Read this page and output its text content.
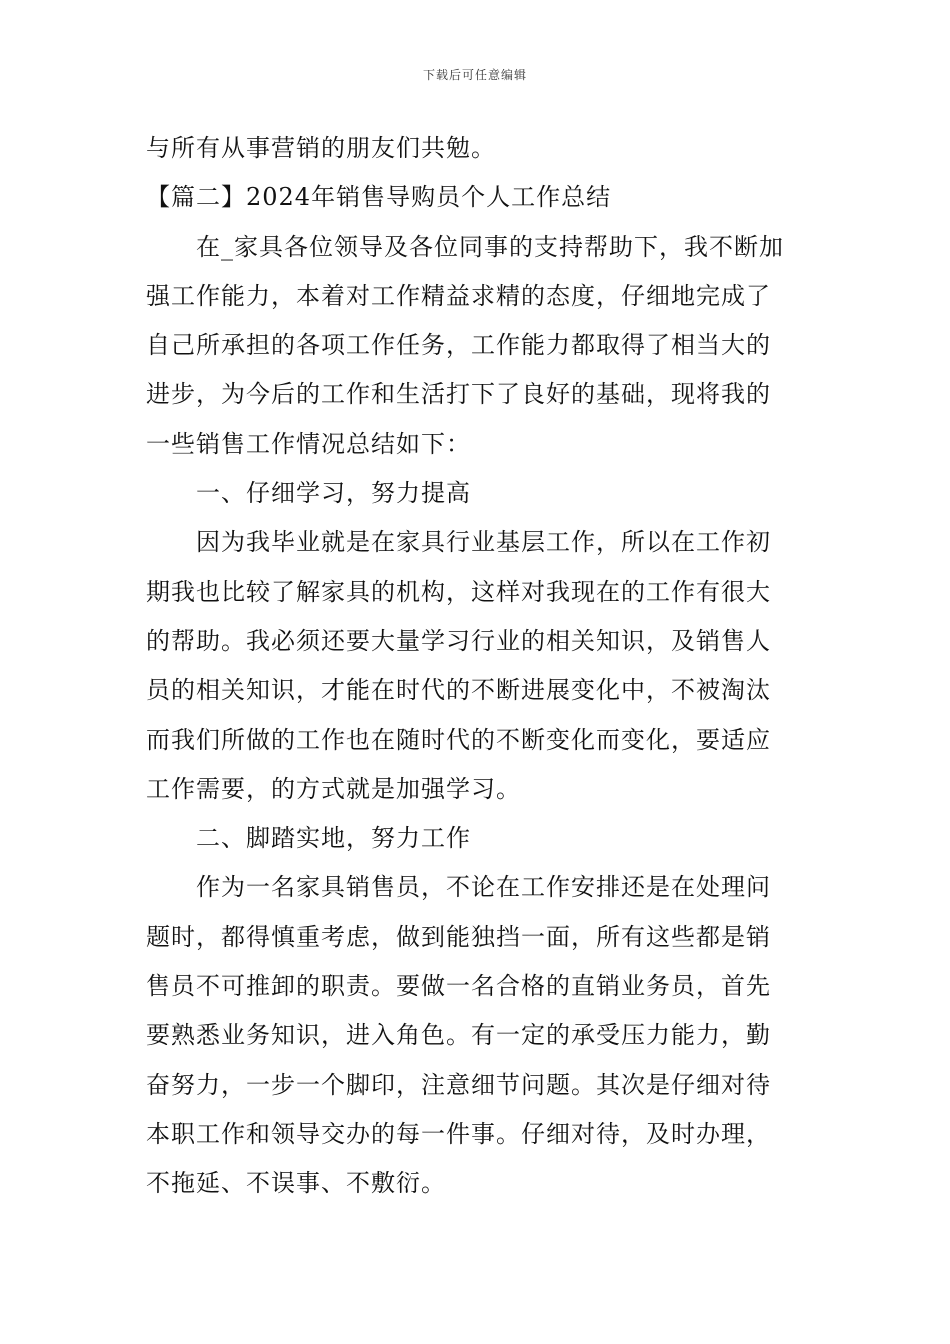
下载后可任意编辑
与所有从事营销的朋友们共勉。
【篇二】2024年销售导购员个人工作总结
在_家具各位领导及各位同事的支持帮助下，我不断加
强工作能力，本着对工作精益求精的态度，仔细地完成了
自己所承担的各项工作任务，工作能力都取得了相当大的
进步，为今后的工作和生活打下了良好的基础，现将我的
一些销售工作情况总结如下：
一、仔细学习，努力提高
因为我毕业就是在家具行业基层工作，所以在工作初
期我也比较了解家具的机构，这样对我现在的工作有很大
的帮助。我必须还要大量学习行业的相关知识，及销售人
员的相关知识，才能在时代的不断进展变化中，不被淘汰
而我们所做的工作也在随时代的不断变化而变化，要适应
工作需要，的方式就是加强学习。
二、脚踏实地，努力工作
作为一名家具销售员，不论在工作安排还是在处理问
题时，都得慎重考虑，做到能独挡一面，所有这些都是销
售员不可推卸的职责。要做一名合格的直销业务员，首先
要熟悉业务知识，进入角色。有一定的承受压力能力，勤
奋努力，一步一个脚印，注意细节问题。其次是仔细对待
本职工作和领导交办的每一件事。仔细对待，及时办理，
不拖延、不误事、不敷衍。
